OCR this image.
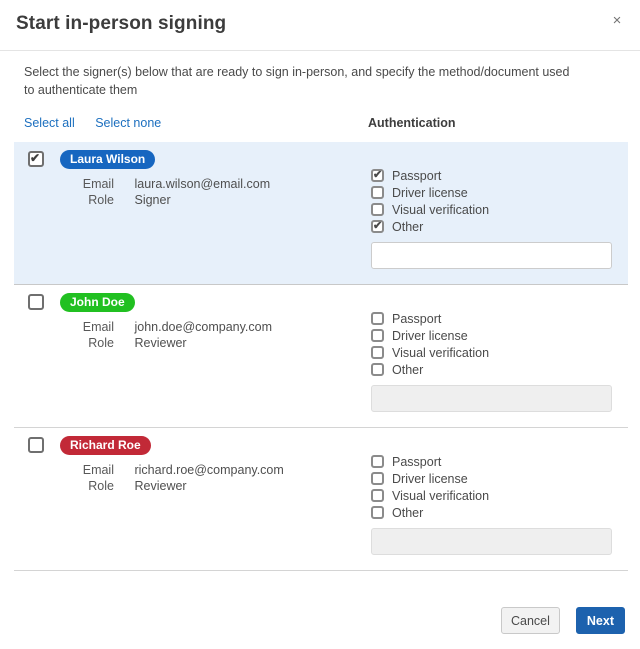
Start in-person signing	×

Select the signer(s) below that are ready to sign in-person, and specify the method/document used to authenticate them

Select all Select none	Authentication
✔
Laura Wilson
Email laura.wilson@email.com
Role Signer
✔
Passport
Driver license
Visual verification
✔
Other
John Doe
Email john.doe@company.com
Role Reviewer
Passport
Driver license
Visual verification
Other
Richard Roe
Email richard.roe@company.com
Role Reviewer
Passport
Driver license
Visual verification
Other
Cancel	Next
